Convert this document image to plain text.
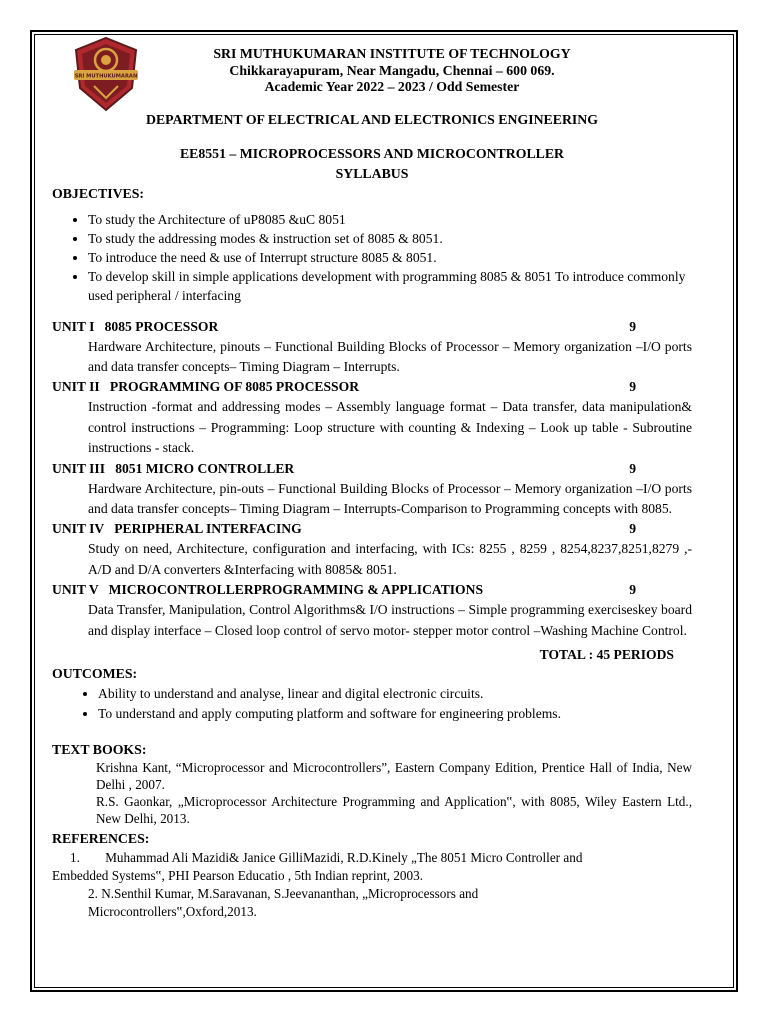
SRI MUTHUKUMARAN
SRI MUTHUKUMARAN INSTITUTE OF TECHNOLOGY
Chikkarayapuram, Near Mangadu, Chennai – 600 069.
Academic Year 2022 – 2023 / Odd Semester
DEPARTMENT OF ELECTRICAL AND ELECTRONICS ENGINEERING
EE8551 – MICROPROCESSORS AND MICROCONTROLLER
SYLLABUS
OBJECTIVES:
• To study the Architecture of uP8085 &uC 8051
• To study the addressing modes & instruction set of 8085 & 8051.
• To introduce the need & use of Interrupt structure 8085 & 8051.
• To develop skill in simple applications development with programming 8085 & 8051 To introduce commonly used peripheral / interfacing
UNIT I   8085 PROCESSOR	9
Hardware Architecture, pinouts – Functional Building Blocks of Processor – Memory organization –I/O ports and data transfer concepts– Timing Diagram – Interrupts.
UNIT II   PROGRAMMING OF 8085 PROCESSOR	9
Instruction -format and addressing modes – Assembly language format – Data transfer, data manipulation& control instructions – Programming: Loop structure with counting & Indexing – Look up table - Subroutine instructions - stack.
UNIT III   8051 MICRO CONTROLLER	9
Hardware Architecture, pin-outs – Functional Building Blocks of Processor – Memory organization –I/O ports and data transfer concepts– Timing Diagram – Interrupts-Comparison to Programming concepts with 8085.
UNIT IV   PERIPHERAL INTERFACING	9
Study on need, Architecture, configuration and interfacing, with ICs: 8255 , 8259 , 8254,8237,8251,8279 ,- A/D and D/A converters &Interfacing with 8085& 8051.
UNIT V   MICROCONTROLLERPROGRAMMING & APPLICATIONS	9
Data Transfer, Manipulation, Control Algorithms& I/O instructions – Simple programming exerciseskey board and display interface – Closed loop control of servo motor- stepper motor control –Washing Machine Control.
TOTAL : 45 PERIODS
OUTCOMES:
• Ability to understand and analyse, linear and digital electronic circuits.
• To understand and apply computing platform and software for engineering problems.
TEXT BOOKS:
Krishna Kant, “Microprocessor and Microcontrollers”, Eastern Company Edition, Prentice Hall of India, New Delhi , 2007.
R.S. Gaonkar, „Microprocessor Architecture Programming and Application‟, with 8085, Wiley Eastern Ltd., New Delhi, 2013.
REFERENCES:
1. Muhammad Ali Mazidi& Janice GilliMazidi, R.D.Kinely „The 8051 Micro Controller and
Embedded Systems‟, PHI Pearson Educatio , 5th Indian reprint, 2003.
2. N.Senthil Kumar, M.Saravanan, S.Jeevananthan, „Microprocessors and
Microcontrollers‟,Oxford,2013.
